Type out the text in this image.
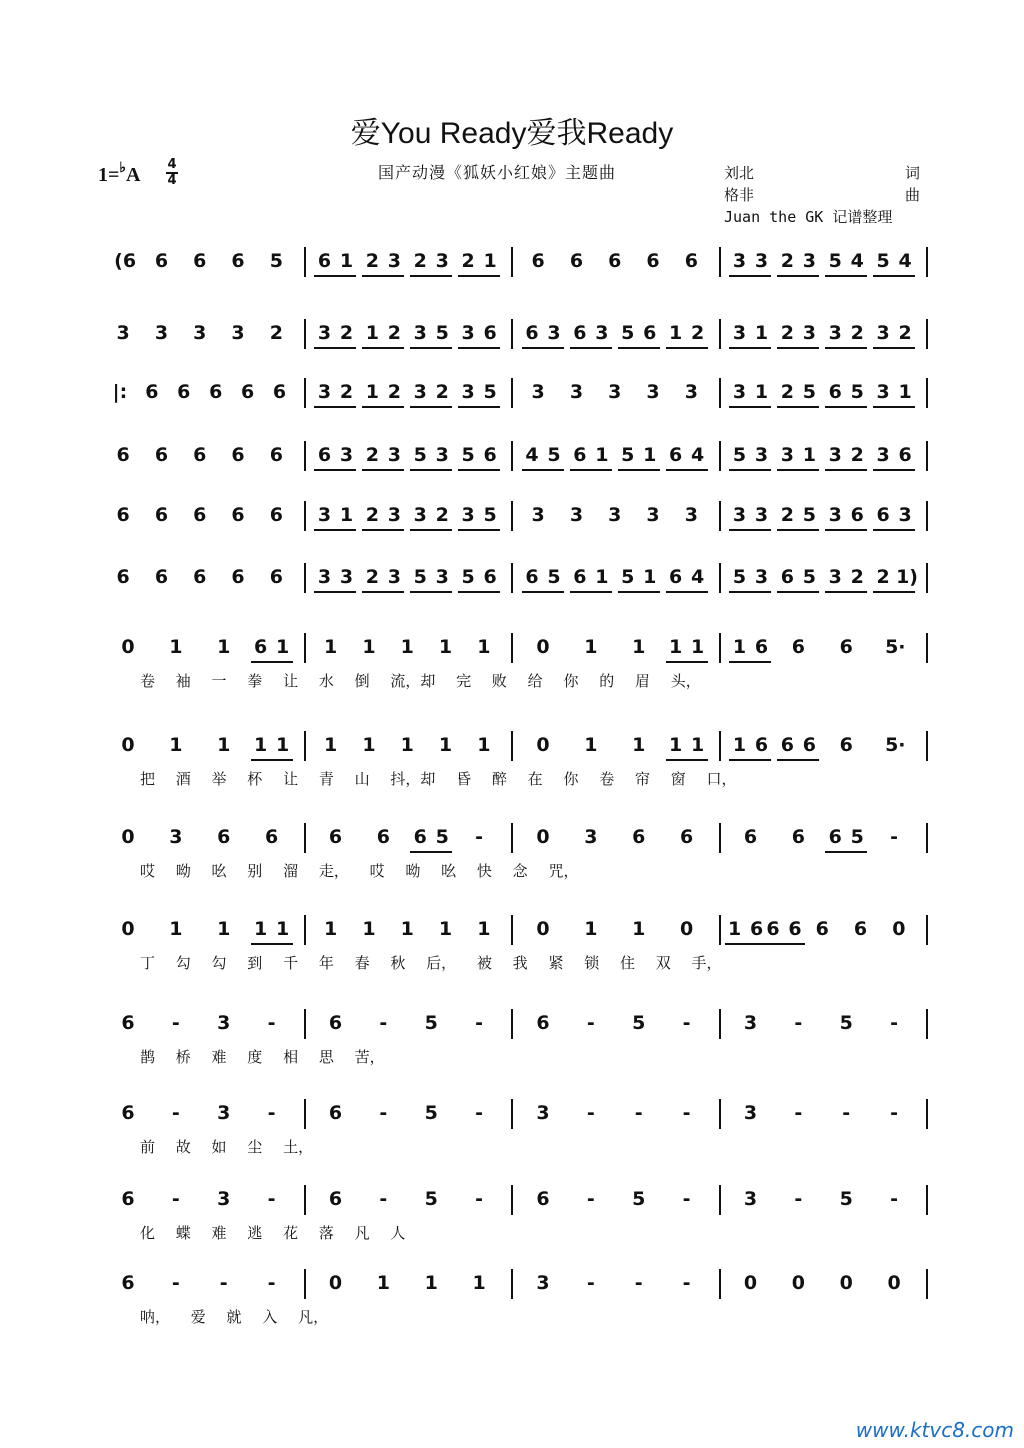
爱You Ready爱我Ready
1=♭A 4
4	国产动漫《狐妖小红娘》主题曲	刘北	词
格非	曲
Juan the GK 记谱整理
(6 6 6 6 5 6 1 2 3 2 3 2 1 6 6 6 6 6 3 3 2 3 5 4 5 4
3 3 3 3 2 3 2 1 2 3 5 3 6 6 3 6 3 5 6 1 2 3 1 2 3 3 2 3 2
|: 6 6 6 6 6 3 2 1 2 3 2 3 5 3 3 3 3 3 3 1 2 5 6 5 3 1
6 6 6 6 6 6 3 2 3 5 3 5 6 4 5 6 1 5 1 6 4 5 3 3 1 3 2 3 6
6 6 6 6 6 3 1 2 3 3 2 3 5 3 3 3 3 3 3 3 2 5 3 6 6 3
6 6 6 6 6 3 3 2 3 5 3 5 6 6 5 6 1 5 1 6 4 5 3 6 5 3 2 2 1)
0 1 1 6 1 1 1 1 1 1 0 1 1 1 1 1 6 6 6 5·
卷 袖 一 拳 让 水 倒 流，却 完 败 给 你 的 眉 头，
0 1 1 1 1 1 1 1 1 1 0 1 1 1 1 1 6 6 6 6 5·
把 酒 举 杯 让 青 山 抖，却 昏 醉 在 你 卷 帘 窗 口，
0 3 6 6	6 6 6 5 -	0 3 6 6	6 6 6 5 -
哎 呦 吆 别 溜 走， 哎 呦 吆 快 念 咒，
0 1 1 1 1 1 1 1 1 1 0 1 1 0 1 6 6 6 6 6 0
丁 勾 勾 到 千 年 春 秋 后， 被 我 紧 锁 住 双 手，
6 - 3 -	6 - 5 -	6 - 5 -	3 - 5 -
鹊 桥 难 度 相 思 苦，
6 - 3 -	6 - 5 -	3 - - -	3 - - -
前 故 如 尘 土，
6 - 3 -	6 - 5 -	6 - 5 -	3 - 5 -
化 蝶 难 逃 花 落 凡 人
6 - - -	0 1 1 1	3 - - -	0 0 0 0
呐， 爱 就 入 凡，
www.ktvc8.com
